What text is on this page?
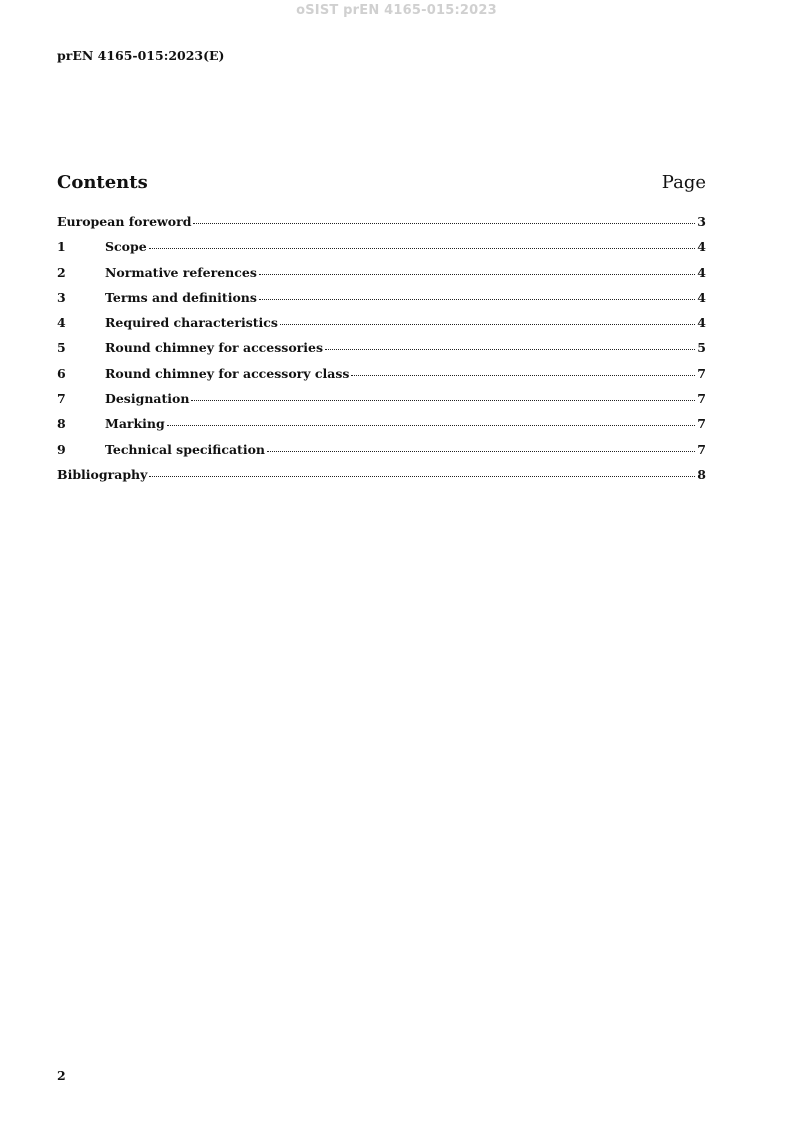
oSIST prEN 4165-015:2023
prEN 4165-015:2023(E)
Contents	Page
European foreword	3
1	Scope	4
2	Normative references	4
3	Terms and definitions	4
4	Required characteristics	4
5	Round chimney for accessories	5
6	Round chimney for accessory class	7
7	Designation	7
8	Marking	7
9	Technical specification	7
Bibliography	8
2
